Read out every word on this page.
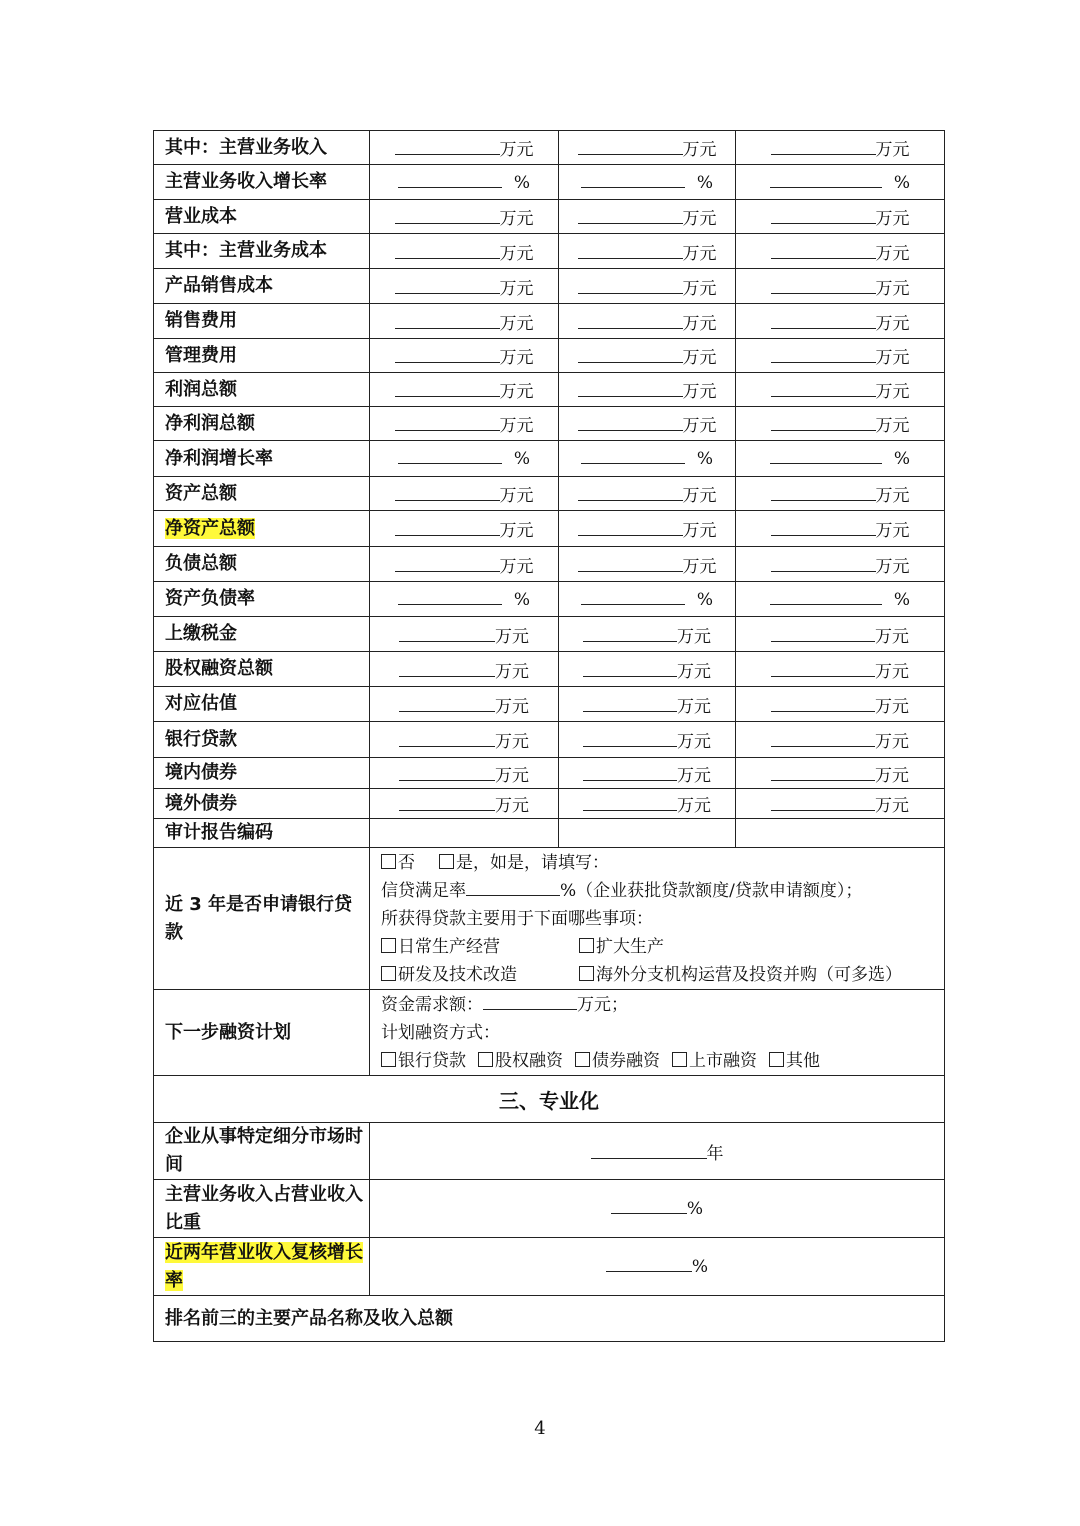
其中：主营业务收入	万元	万元	万元
主营业务收入增长率	%	%	%
营业成本	万元	万元	万元
其中：主营业务成本	万元	万元	万元
产品销售成本	万元	万元	万元
销售费用	万元	万元	万元
管理费用	万元	万元	万元
利润总额	万元	万元	万元
净利润总额	万元	万元	万元
净利润增长率	%	%	%
资产总额	万元	万元	万元
净资产总额	万元	万元	万元
负债总额	万元	万元	万元
资产负债率	%	%	%
上缴税金	万元	万元	万元
股权融资总额	万元	万元	万元
对应估值	万元	万元	万元
银行贷款	万元	万元	万元
境内债券	万元	万元	万元
境外债券	万元	万元	万元
审计报告编码			
近 3 年是否申请银行贷款	否 是，如是，请填写：
信贷满足率 %（企业获批贷款额度/贷款申请额度）；
所获得贷款主要用于下面哪些事项：
日常生产经营 扩大生产
研发及技术改造 海外分支机构运营及投资并购（可多选）		

下一步融资计划	资金需求额： 万元；
计划融资方式：
银行贷款 股权融资 债券融资 上市融资 其他		

三、专业化			
企业从事特定细分市场时间	年		
主营业务收入占营业收入比重	%		
近两年营业收入复核增长率	%		
排名前三的主要产品名称及收入总额			
4
